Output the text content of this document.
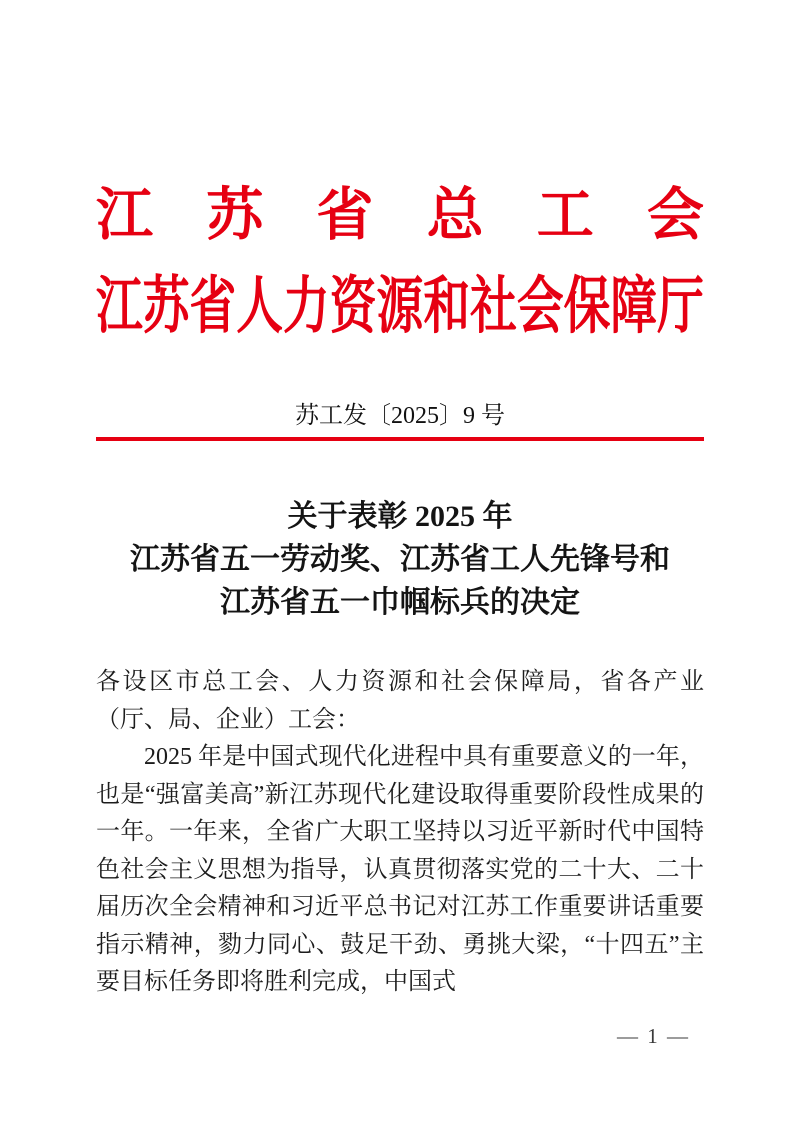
江 苏 省 总 工 会
江 苏 省 人 力 资 源 和 社 会 保 障 厅
苏工发〔2025〕9 号
关于表彰 2025 年
江苏省五一劳动奖、江苏省工人先锋号和
江苏省五一巾帼标兵的决定

各设区市总工会、人力资源和社会保障局，省各产业（厅、局、企业）工会：

2025 年是中国式现代化进程中具有重要意义的一年，也是“强富美高”新江苏现代化建设取得重要阶段性成果的一年。一年来，全省广大职工坚持以习近平新时代中国特色社会主义思想为指导，认真贯彻落实党的二十大、二十届历次全会精神和习近平总书记对江苏工作重要讲话重要指示精神，勠力同心、鼓足干劲、勇挑大梁，“十四五”主要目标任务即将胜利完成，中国式

— 1 —
